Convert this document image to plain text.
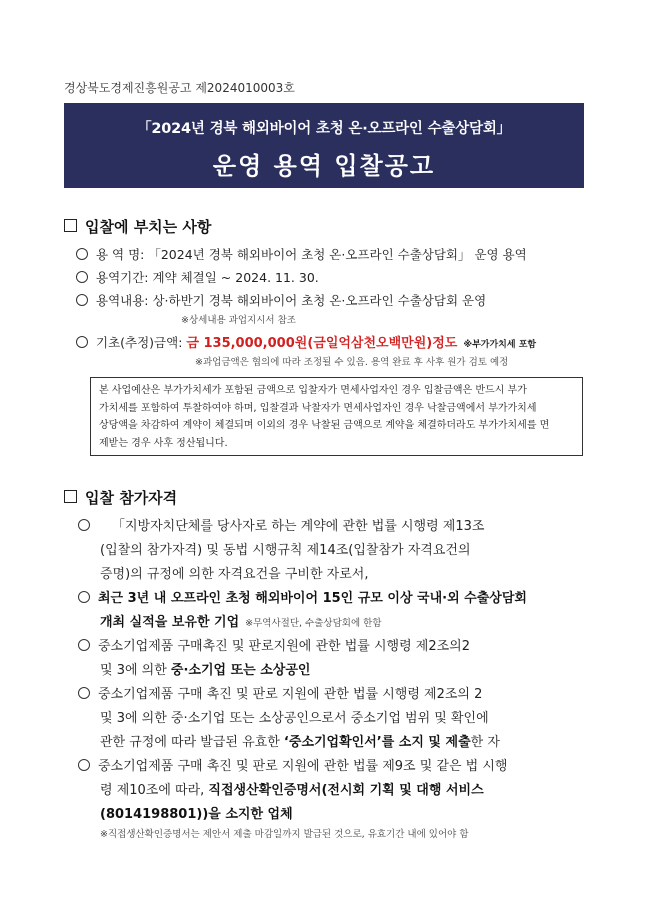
경상북도경제진흥원공고 제2024010003호
「2024년 경북 해외바이어 초청 온·오프라인 수출상담회」
운영 용역 입찰공고
입찰에 부치는 사항
용 역 명: 「2024년 경북 해외바이어 초청 온·오프라인 수출상담회」 운영 용역
용역기간: 계약 체결일 ~ 2024. 11. 30.
용역내용: 상·하반기 경북 해외바이어 초청 온·오프라인 수출상담회 운영
※상세내용 과업지시서 참조
기초(추정)금액: 금 135,000,000원(금일억삼천오백만원)정도 ※부가가치세 포함
※과업금액은 협의에 따라 조정될 수 있음. 용역 완료 후 사후 원가 검토 예정
본 사업예산은 부가가치세가 포함된 금액으로 입찰자가 면세사업자인 경우 입찰금액은 반드시 부가
가치세를 포함하여 투찰하여야 하며, 입찰결과 낙찰자가 면세사업자인 경우 낙찰금액에서 부가가치세
상당액을 차감하여 계약이 체결되며 이외의 경우 낙찰된 금액으로 계약을 체결하더라도 부가가치세를 면
제받는 경우 사후 정산됩니다.
입찰 참가자격
「지방자치단체를 당사자로 하는 계약에 관한 법률 시행령 제13조
(입찰의 참가자격) 및 동법 시행규칙 제14조(입찰참가 자격요건의
증명)의 규정에 의한 자격요건을 구비한 자로서,
최근 3년 내 오프라인 초청 해외바이어 15인 규모 이상 국내·외 수출상담회
개최 실적을 보유한 기업 ※무역사절단, 수출상담회에 한함
중소기업제품 구매촉진 및 판로지원에 관한 법률 시행령 제2조의2
및 3에 의한 중·소기업 또는 소상공인
중소기업제품 구매 촉진 및 판로 지원에 관한 법률 시행령 제2조의 2
및 3에 의한 중·소기업 또는 소상공인으로서 중소기업 범위 및 확인에
관한 규정에 따라 발급된 유효한 ‘중소기업확인서’를 소지 및 제출한 자
중소기업제품 구매 촉진 및 판로 지원에 관한 법률 제9조 및 같은 법 시행
령 제10조에 따라, 직접생산확인증명서(전시회 기획 및 대행 서비스
(8014198801))을 소지한 업체
※직접생산확인증명서는 제안서 제출 마감일까지 발급된 것으로, 유효기간 내에 있어야 함
